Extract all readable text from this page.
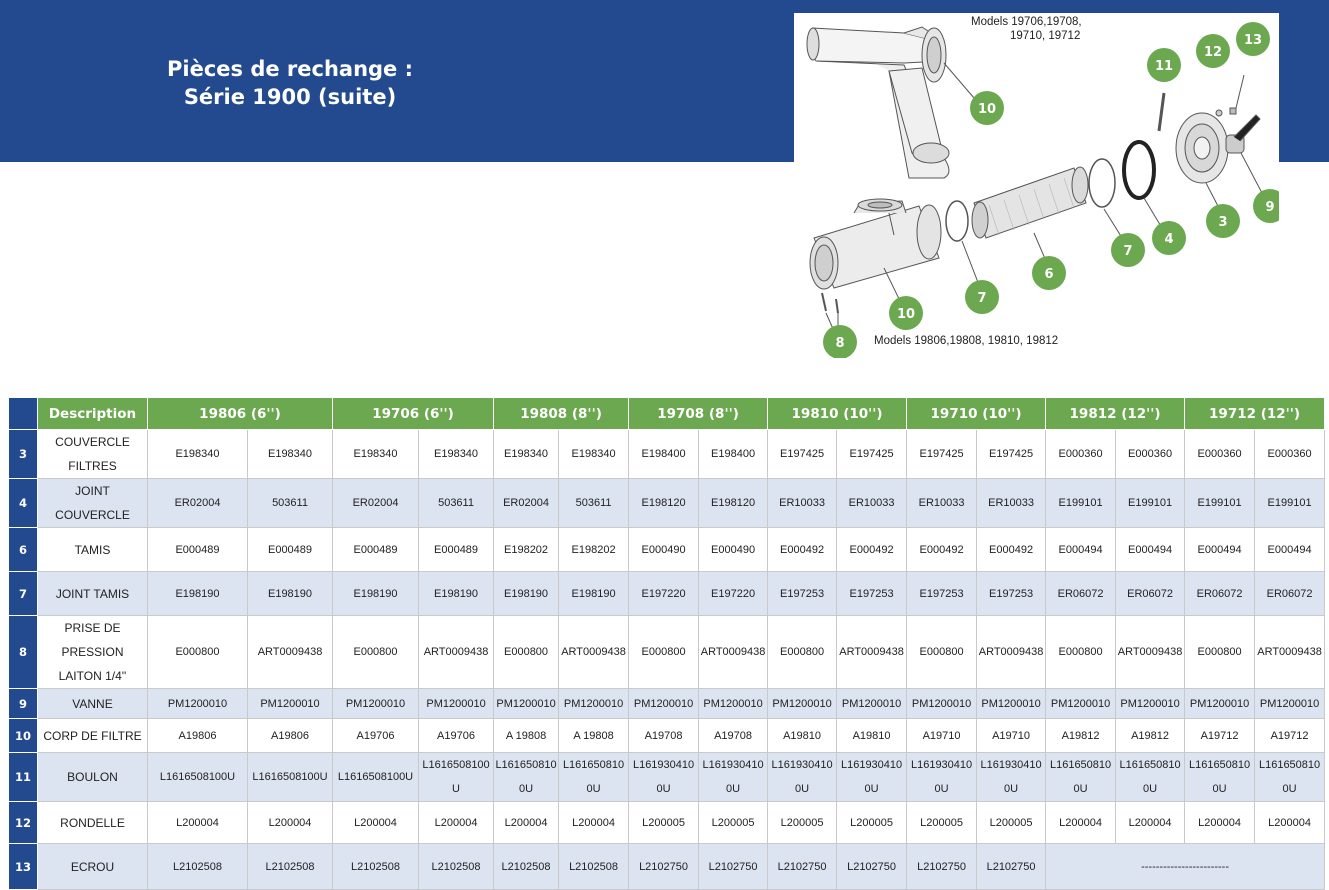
Pièces de rechange :
Série 1900 (suite)
Models 19706,19708,
19710, 19712
Models 19806,19808, 19810, 19812
10
11
12
13
9
3
4
7
6
7
10
8
	Description	19806 (6'')		19706 (6'')		19808 (8'')		19708 (8'')		19810 (10'')		19710 (10'')		19812 (12'')		19712 (12'')	
3	COUVERCLE FILTRES	E198340	E198340	E198340	E198340	E198340	E198340	E198400	E198400	E197425	E197425	E197425	E197425	E000360	E000360	E000360	E000360
4	JOINT COUVERCLE	ER02004	503611	ER02004	503611	ER02004	503611	E198120	E198120	ER10033	ER10033	ER10033	ER10033	E199101	E199101	E199101	E199101
6	TAMIS	E000489	E000489	E000489	E000489	E198202	E198202	E000490	E000490	E000492	E000492	E000492	E000492	E000494	E000494	E000494	E000494
7	JOINT TAMIS	E198190	E198190	E198190	E198190	E198190	E198190	E197220	E197220	E197253	E197253	E197253	E197253	ER06072	ER06072	ER06072	ER06072
8	PRISE DE PRESSION LAITON 1/4''	E000800	ART0009438	E000800	ART0009438	E000800	ART0009438	E000800	ART0009438	E000800	ART0009438	E000800	ART0009438	E000800	ART0009438	E000800	ART0009438
9	VANNE	PM1200010	PM1200010	PM1200010	PM1200010	PM1200010	PM1200010	PM1200010	PM1200010	PM1200010	PM1200010	PM1200010	PM1200010	PM1200010	PM1200010	PM1200010	PM1200010
10	CORP DE FILTRE	A19806	A19806	A19706	A19706	A 19808	A 19808	A19708	A19708	A19810	A19810	A19710	A19710	A19812	A19812	A19712	A19712
11	BOULON	L1616508100U	L1616508100U	L1616508100U	L1616508100U	L1616508100U	L1616508100U	L1619304100U	L1619304100U	L1619304100U	L1619304100U	L1619304100U	L1619304100U	L1616508100U	L1616508100U	L1616508100U	L1616508100U
12	RONDELLE	L200004	L200004	L200004	L200004	L200004	L200004	L200005	L200005	L200005	L200005	L200005	L200005	L200004	L200004	L200004	L200004
13	ECROU	L2102508	L2102508	L2102508	L2102508	L2102508	L2102508	L2102750	L2102750	L2102750	L2102750	L2102750	L2102750	------------------------			
